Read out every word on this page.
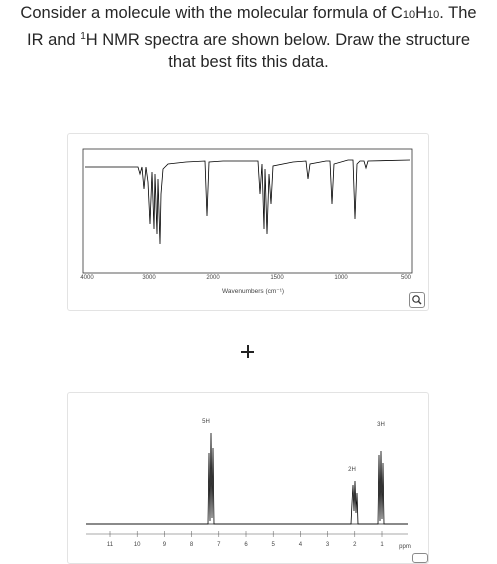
Consider a molecule with the molecular formula of C10H10. The

IR and $^1$H NMR spectra are shown below. Draw the structure

that best fits this data.

4000	3000	2000	1500	1000	500
Wavenumbers (cm⁻¹)
11	10	9	8	7	6	5	4	3	2	1
5H
2H
3H
ppm
